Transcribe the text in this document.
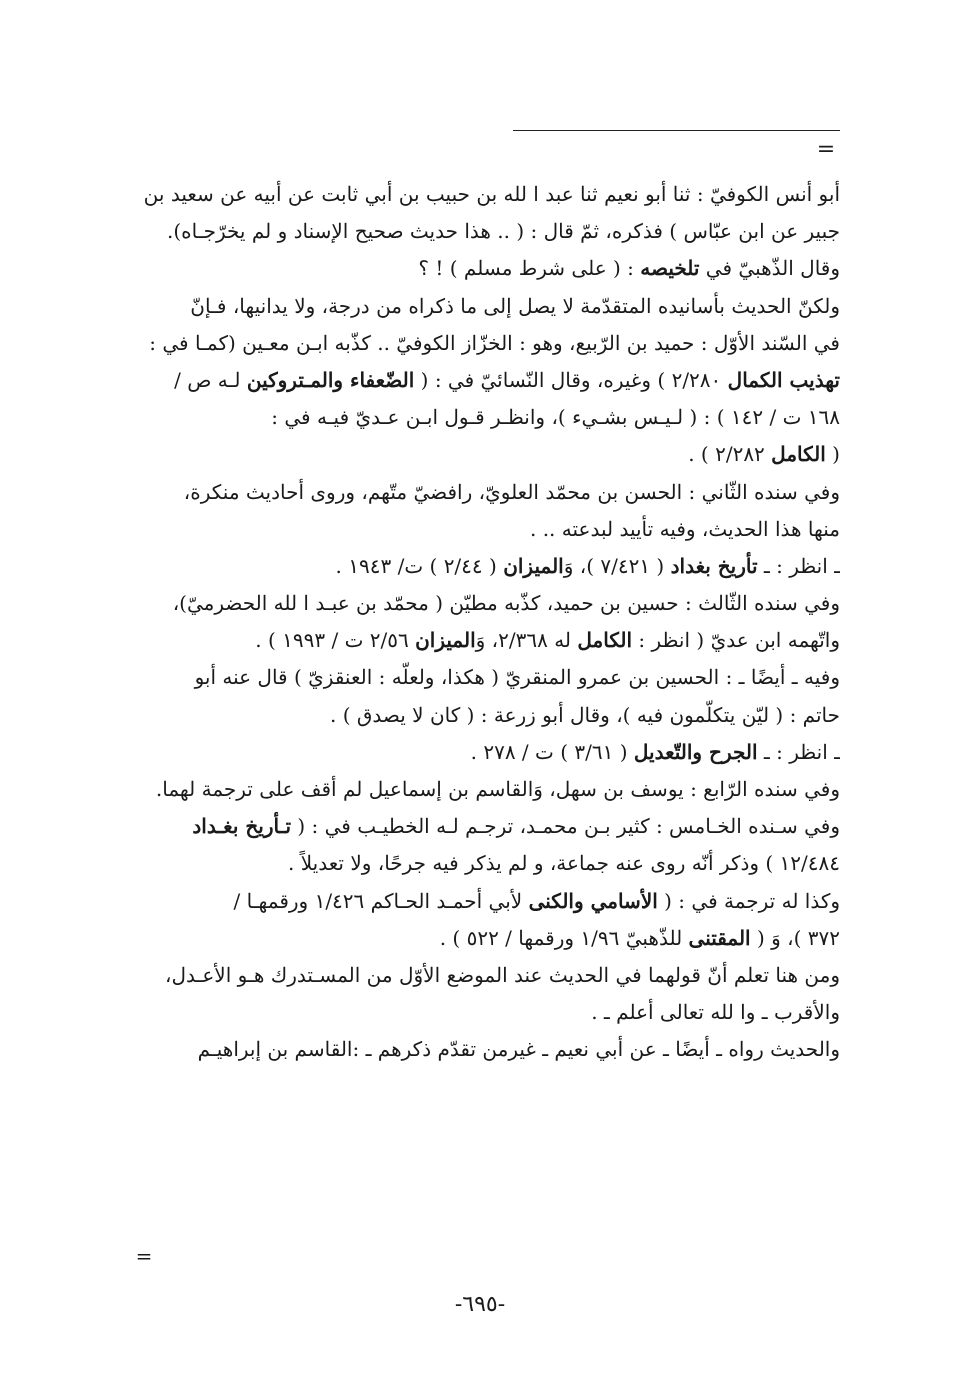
=
أبو أنس الكوفيّ : ثنا أبو نعيم ثنا عبد ا لله بن حبيب بن أبي ثابت عن أبيه عن سعيد بن
جبير عن ابن عبّاس ) فذكره، ثمّ قال : ( .. هذا حديث صحيح الإسناد و لم يخرّجـاه).
وقال الذّهبيّ في تلخيصه : ( على شرط مسلم ) ! ؟
ولكنّ الحديث بأسانيده المتقدّمة لا يصل إلى ما ذكراه من درجة، ولا يدانيها، فـإنّ
في السّند الأوّل : حميد بن الرّبيع، وهو : الخزّاز الكوفيّ .. كذّبه ابـن معـين (كمـا في :
تهذيب الكمال ٢/٢٨٠ ) وغيره، وقال النّسائيّ في : ( الضّعفاء والمـتروكين لـه ص /
١٦٨ ت / ١٤٢ ) : ( لـيـس بشـيء )، وانظـر قـول ابـن عـديّ فيـه في :
( الكامل ٢/٢٨٢ ) .
وفي سنده الثّاني : الحسن بن محمّد العلويّ، رافضيّ متّهم، وروى أحاديث منكرة،
منها هذا الحديث، وفيه تأييد لبدعته .. .
ـ انظر : ـ تأريخ بغداد ( ٧/٤٢١ )، وَالميزان ( ٢/٤٤ ) ت/ ١٩٤٣ .
وفي سنده الثّالث : حسين بن حميد، كذّبه مطيّن ( محمّد بن عبـد ا لله الحضرميّ)،
واتّهمه ابن عديّ ( انظر : الكامل له ٢/٣٦٨، وَالميزان ٢/٥٦ ت / ١٩٩٣ ) .
وفيه ـ أيضًا ـ : الحسين بن عمرو المنقريّ ( هكذا، ولعلّه : العنقزيّ ) قال عنه أبو
حاتم : ( ليّن يتكلّمون فيه )، وقال أبو زرعة : ( كان لا يصدق ) .
ـ انظر : ـ الجرح والتّعديل ( ٣/٦١ ) ت / ٢٧٨ .
وفي سنده الرّابع : يوسف بن سهل، وَالقاسم بن إسماعيل لم أقف على ترجمة لهما.
وفي سـنده الخـامس : كثير بـن محمـد، ترجـم لـه الخطيـب في : ( تـأريخ بغـداد
١٢/٤٨٤ ) وذكر أنّه روى عنه جماعة، و لم يذكر فيه جرحًا، ولا تعديلاً .
وكذا له ترجمة في : ( الأسامي والكنى لأبي أحمـد الحـاكم ١/٤٢٦ ورقمهـا /
٣٧٢ )، وَ ( المقتنى للذّهبيّ ١/٩٦ ورقمها / ٥٢٢ ) .
ومن هنا تعلم أنّ قولهما في الحديث عند الموضع الأوّل من المسـتدرك هـو الأعـدل،
والأقرب ـ وا لله تعالى أعلم ـ .
والحديث رواه ـ أيضًا ـ عن أبي نعيم ـ غيرمن تقدّم ذكرهم ـ :القاسم بن إبراهيـم
=
-٦٩٥-
